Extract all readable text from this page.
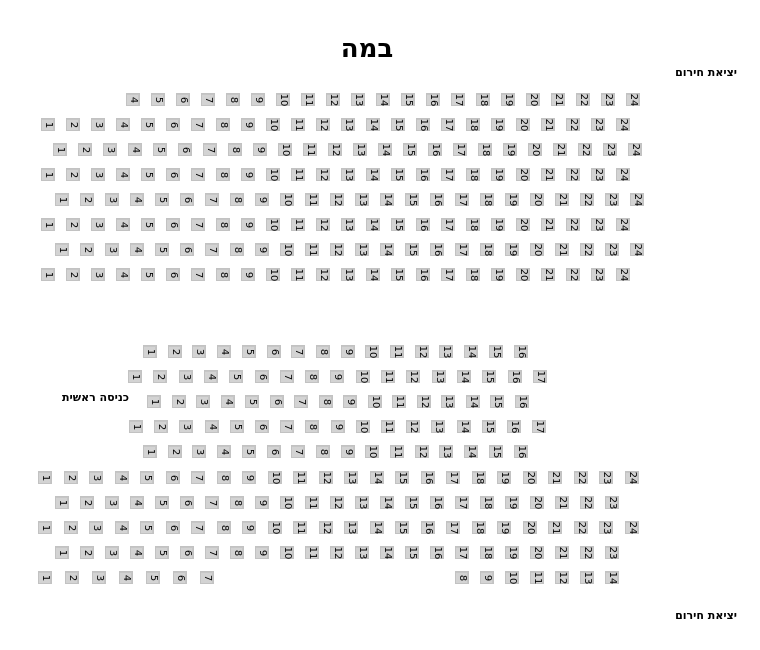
במה
יציאת חירום
כניסה ראשית
יציאת חירום
4 5 6 7 8 9 10 11 12 13 14 15 16 17 18 19 20 21 22 23 24
1 2 3 4 5 6 7 8 9 10 11 12 13 14 15 16 17 18 19 20 21 22 23 24
1 2 3 4 5 6 7 8 9 10 11 12 13 14 15 16 17 18 19 20 21 22 23 24
1 2 3 4 5 6 7 8 9 10 11 12 13 14 15 16 17 18 19 20 21 22 23 24
1 2 3 4 5 6 7 8 9 10 11 12 13 14 15 16 17 18 19 20 21 22 23 24
1 2 3 4 5 6 7 8 9 10 11 12 13 14 15 16 17 18 19 20 21 22 23 24
1 2 3 4 5 6 7 8 9 10 11 12 13 14 15 16 17 18 19 20 21 22 23 24
1 2 3 4 5 6 7 8 9 10 11 12 13 14 15 16 17 18 19 20 21 22 23 24
1 2 3 4 5 6 7 8 9 10 11 12 13 14 15 16
1 2 3 4 5 6 7 8 9 10 11 12 13 14 15 16 17
1 2 3 4 5 6 7 8 9 10 11 12 13 14 15 16
1 2 3 4 5 6 7 8 9 10 11 12 13 14 15 16 17
1 2 3 4 5 6 7 8 9 10 11 12 13 14 15 16
1 2 3 4 5 6 7 8 9 10 11 12 13 14 15 16 17 18 19 20 21 22 23 24
1 2 3 4 5 6 7 8 9 10 11 12 13 14 15 16 17 18 19 20 21 22 23
1 2 3 4 5 6 7 8 9 10 11 12 13 14 15 16 17 18 19 20 21 22 23 24
1 2 3 4 5 6 7 8 9 10 11 12 13 14 15 16 17 18 19 20 21 22 23
1 2 3 4 5 6 7	8 9 10 11 12 13 14
